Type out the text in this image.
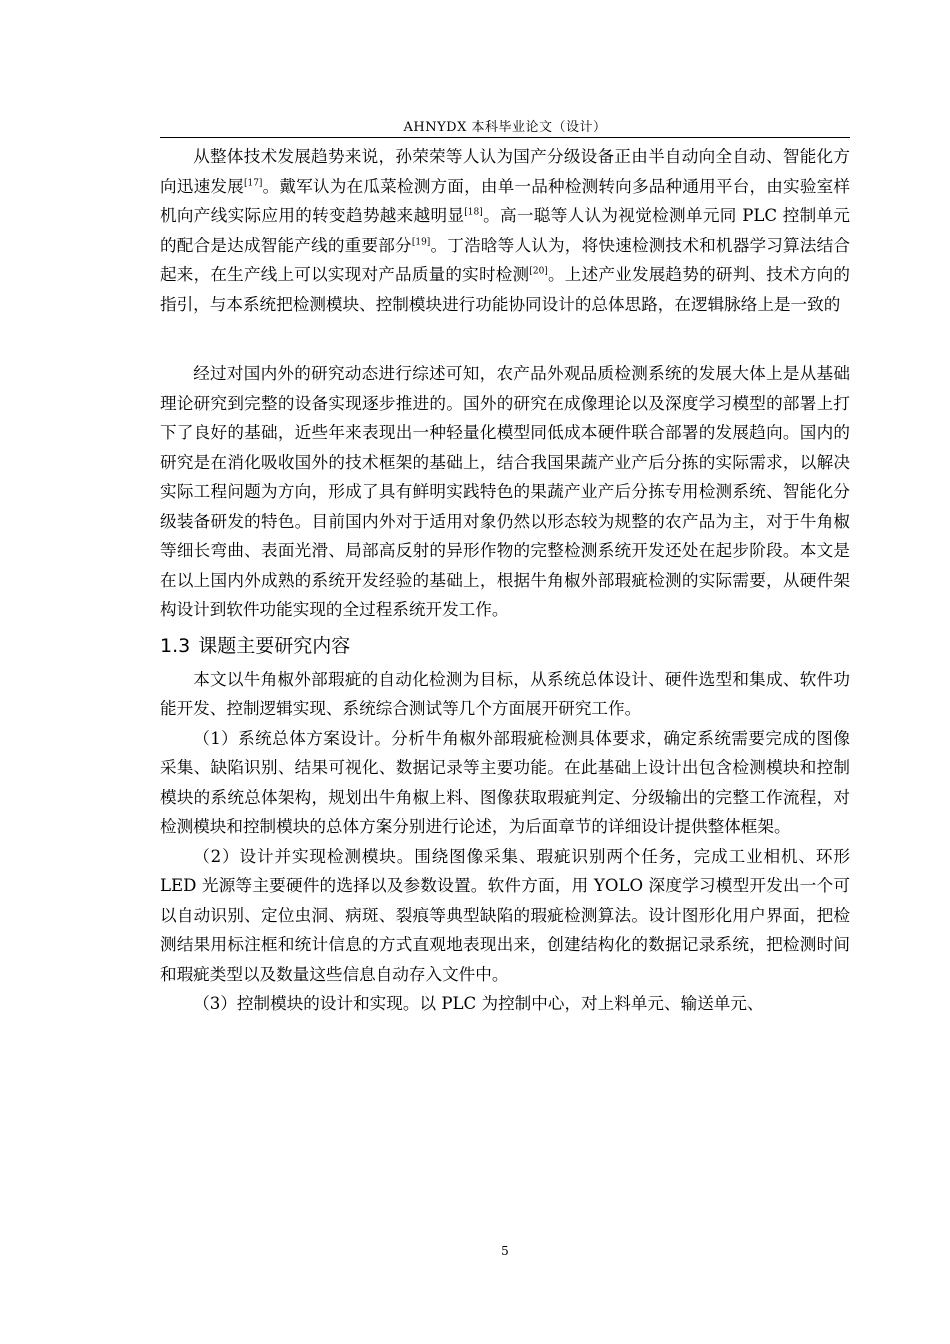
AHNYDX 本科毕业论文（设计）

从整体技术发展趋势来说，孙荣荣等人认为国产分级设备正由半自动向全自动、智能化方向迅速发展[17]。戴军认为在瓜菜检测方面，由单一品种检测转向多品种通用平台，由实验室样机向产线实际应用的转变趋势越来越明显[18]。高一聪等人认为视觉检测单元同 PLC 控制单元的配合是达成智能产线的重要部分[19]。丁浩晗等人认为，将快速检测技术和机器学习算法结合起来，在生产线上可以实现对产品质量的实时检测[20]。上述产业发展趋势的研判、技术方向的指引，与本系统把检测模块、控制模块进行功能协同设计的总体思路，在逻辑脉络上是一致的

经过对国内外的研究动态进行综述可知，农产品外观品质检测系统的发展大体上是从基础理论研究到完整的设备实现逐步推进的。国外的研究在成像理论以及深度学习模型的部署上打下了良好的基础，近些年来表现出一种轻量化模型同低成本硬件联合部署的发展趋向。国内的研究是在消化吸收国外的技术框架的基础上，结合我国果蔬产业产后分拣的实际需求，以解决实际工程问题为方向，形成了具有鲜明实践特色的果蔬产业产后分拣专用检测系统、智能化分级装备研发的特色。目前国内外对于适用对象仍然以形态较为规整的农产品为主，对于牛角椒等细长弯曲、表面光滑、局部高反射的异形作物的完整检测系统开发还处在起步阶段。本文是在以上国内外成熟的系统开发经验的基础上，根据牛角椒外部瑕疵检测的实际需要，从硬件架构设计到软件功能实现的全过程系统开发工作。

1.3 课题主要研究内容

本文以牛角椒外部瑕疵的自动化检测为目标，从系统总体设计、硬件选型和集成、软件功能开发、控制逻辑实现、系统综合测试等几个方面展开研究工作。

（1）系统总体方案设计。分析牛角椒外部瑕疵检测具体要求，确定系统需要完成的图像采集、缺陷识别、结果可视化、数据记录等主要功能。在此基础上设计出包含检测模块和控制模块的系统总体架构，规划出牛角椒上料、图像获取瑕疵判定、分级输出的完整工作流程，对检测模块和控制模块的总体方案分别进行论述，为后面章节的详细设计提供整体框架。

（2）设计并实现检测模块。围绕图像采集、瑕疵识别两个任务，完成工业相机、环形 LED 光源等主要硬件的选择以及参数设置。软件方面，用 YOLO 深度学习模型开发出一个可以自动识别、定位虫洞、病斑、裂痕等典型缺陷的瑕疵检测算法。设计图形化用户界面，把检测结果用标注框和统计信息的方式直观地表现出来，创建结构化的数据记录系统，把检测时间和瑕疵类型以及数量这些信息自动存入文件中。

（3）控制模块的设计和实现。以 PLC 为控制中心，对上料单元、输送单元、

5
